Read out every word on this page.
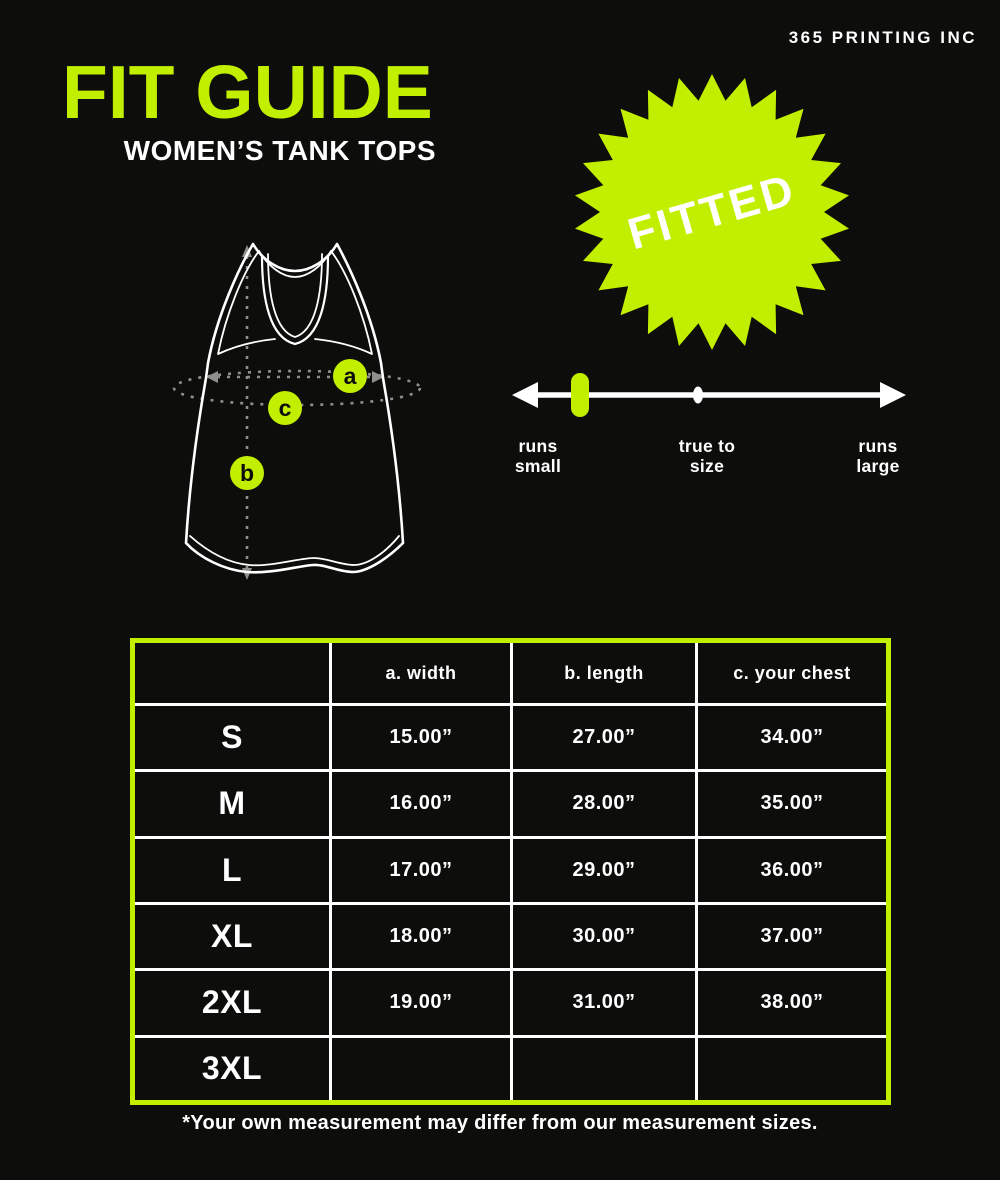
365 PRINTING INC
FIT GUIDE
WOMEN’S TANK TOPS
FITTED
a
c
b
runs
small
true to
size
runs
large
	a. width	b. length	c. your chest
S	15.00”	27.00”	34.00”
M	16.00”	28.00”	35.00”
L	17.00”	29.00”	36.00”
XL	18.00”	30.00”	37.00”
2XL	19.00”	31.00”	38.00”
3XL			
*Your own measurement may differ from our measurement sizes.
